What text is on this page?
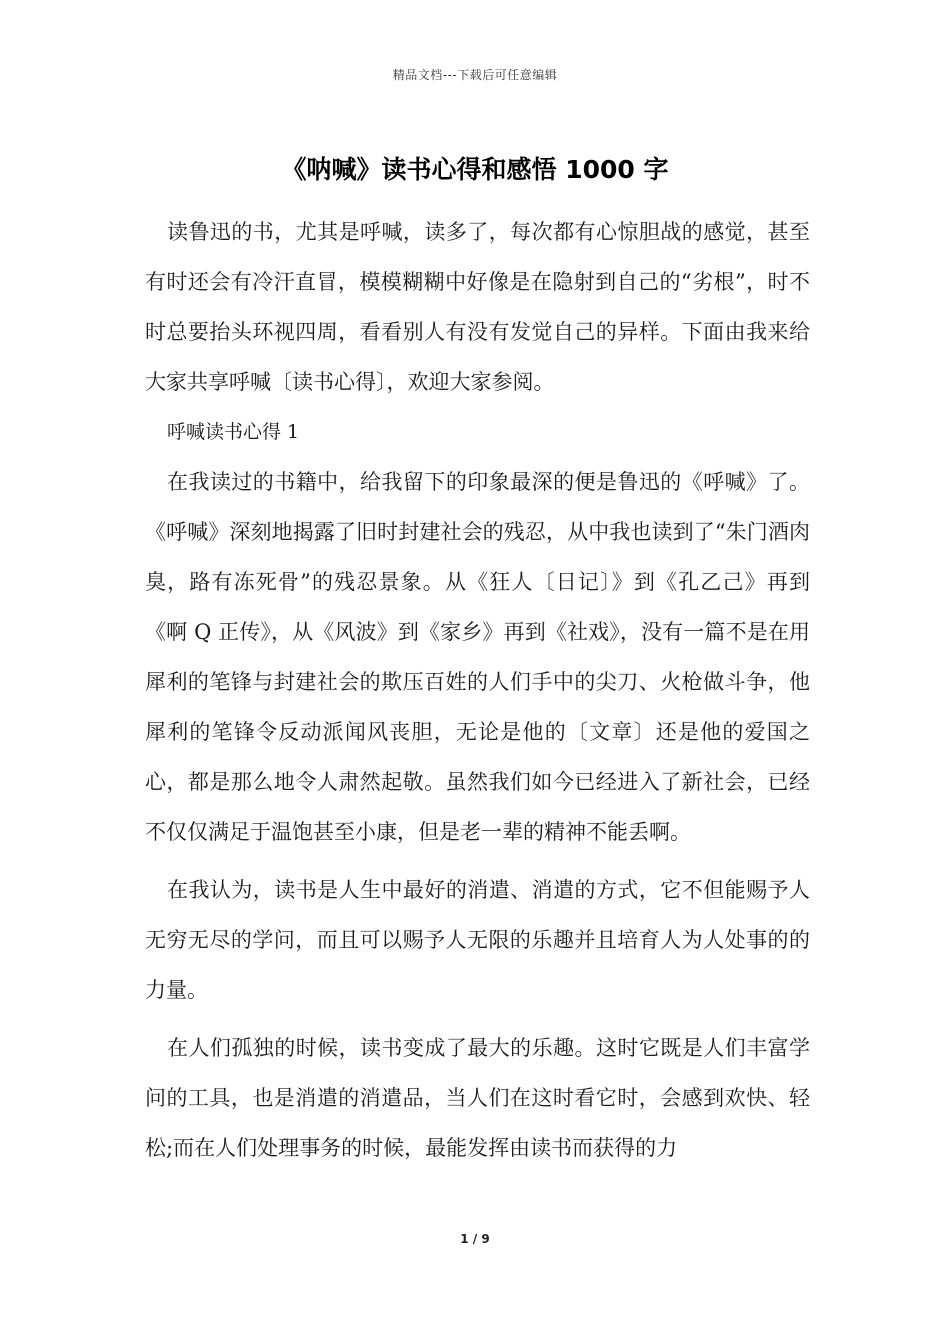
精品文档---下载后可任意编辑
《呐喊》读书心得和感悟 1000 字

读鲁迅的书，尤其是呼喊，读多了，每次都有心惊胆战的感觉，甚至有时还会有冷汗直冒，模模糊糊中好像是在隐射到自己的“劣根”，时不时总要抬头环视四周，看看别人有没有发觉自己的异样。下面由我来给大家共享呼喊〔读书心得〕，欢迎大家参阅。

呼喊读书心得 1

在我读过的书籍中，给我留下的印象最深的便是鲁迅的《呼喊》了。《呼喊》深刻地揭露了旧时封建社会的残忍，从中我也读到了“朱门酒肉臭，路有冻死骨”的残忍景象。从《狂人〔日记〕》到《孔乙己》再到《啊 Q 正传》，从《风波》到《家乡》再到《社戏》，没有一篇不是在用犀利的笔锋与封建社会的欺压百姓的人们手中的尖刀、火枪做斗争，他犀利的笔锋令反动派闻风丧胆，无论是他的〔文章〕还是他的爱国之心，都是那么地令人肃然起敬。虽然我们如今已经进入了新社会，已经不仅仅满足于温饱甚至小康，但是老一辈的精神不能丢啊。

在我认为，读书是人生中最好的消遣、消遣的方式，它不但能赐予人无穷无尽的学问，而且可以赐予人无限的乐趣并且培育人为人处事的的力量。

在人们孤独的时候，读书变成了最大的乐趣。这时它既是人们丰富学问的工具，也是消遣的消遣品，当人们在这时看它时，会感到欢快、轻松;而在人们处理事务的时候，最能发挥由读书而获得的力

1 / 9
